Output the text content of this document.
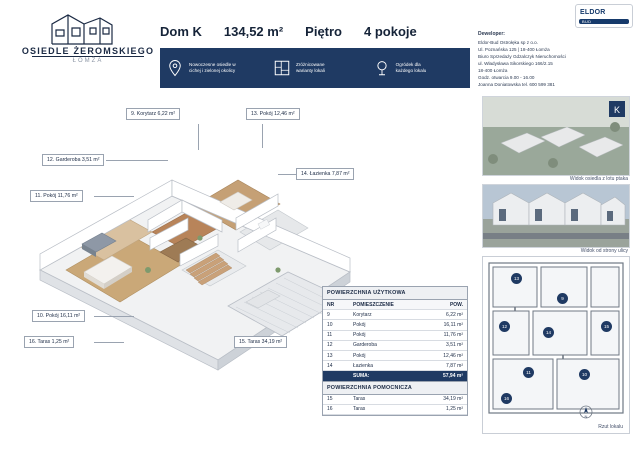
OSIEDLE ŻEROMSKIEGO
ŁOMŻA
Dom K 134,52 m² Piętro 4 pokoje
Nowoczesne osiedle w
cichej i zielonej okolicy
Zróżnicowane
warianty lokali
Ogródek dla
każdego lokalu
ELDOR
BUD
Deweloper:
Eldor-Bud Ostrołęka sp z o.o.
Ul. Poznańska 125 | 18-400 Łomża
Biuro Sprzedaży Gdzalczyk Nieruchomości
ul. Władysława Sikorskiego 166/2.15
18-400 Łomża
Godz. otwarcia 9.00 - 16.00
Joanna Doniatowska tel. 600 599 381
9. Korytarz 6,22 m²	13. Pokój 12,46 m²
12. Garderoba 3,51 m²
14. Łazienka 7,87 m²
11. Pokój 11,76 m²
10. Pokój 16,11 m²
16. Taras 1,25 m²	15. Taras 34,19 m²
POWIERZCHNIA UŻYTKOWA
NR	POMIESZCZENIE	POW.
9	Korytarz	6,22 m²
10	Pokój	16,11 m²
11	Pokój	11,76 m²
12	Garderoba	3,51 m²
13	Pokój	12,46 m²
14	Łazienka	7,87 m²
	SUMA:	57,94 m²
POWIERZCHNIA POMOCNICZA
15	Taras	34,19 m²
16	Taras	1,25 m²
K
Widok osiedla z lotu ptaka
Widok od strony ulicy
13
9
12
14
11	10
15
16
N
Rzut lokalu
